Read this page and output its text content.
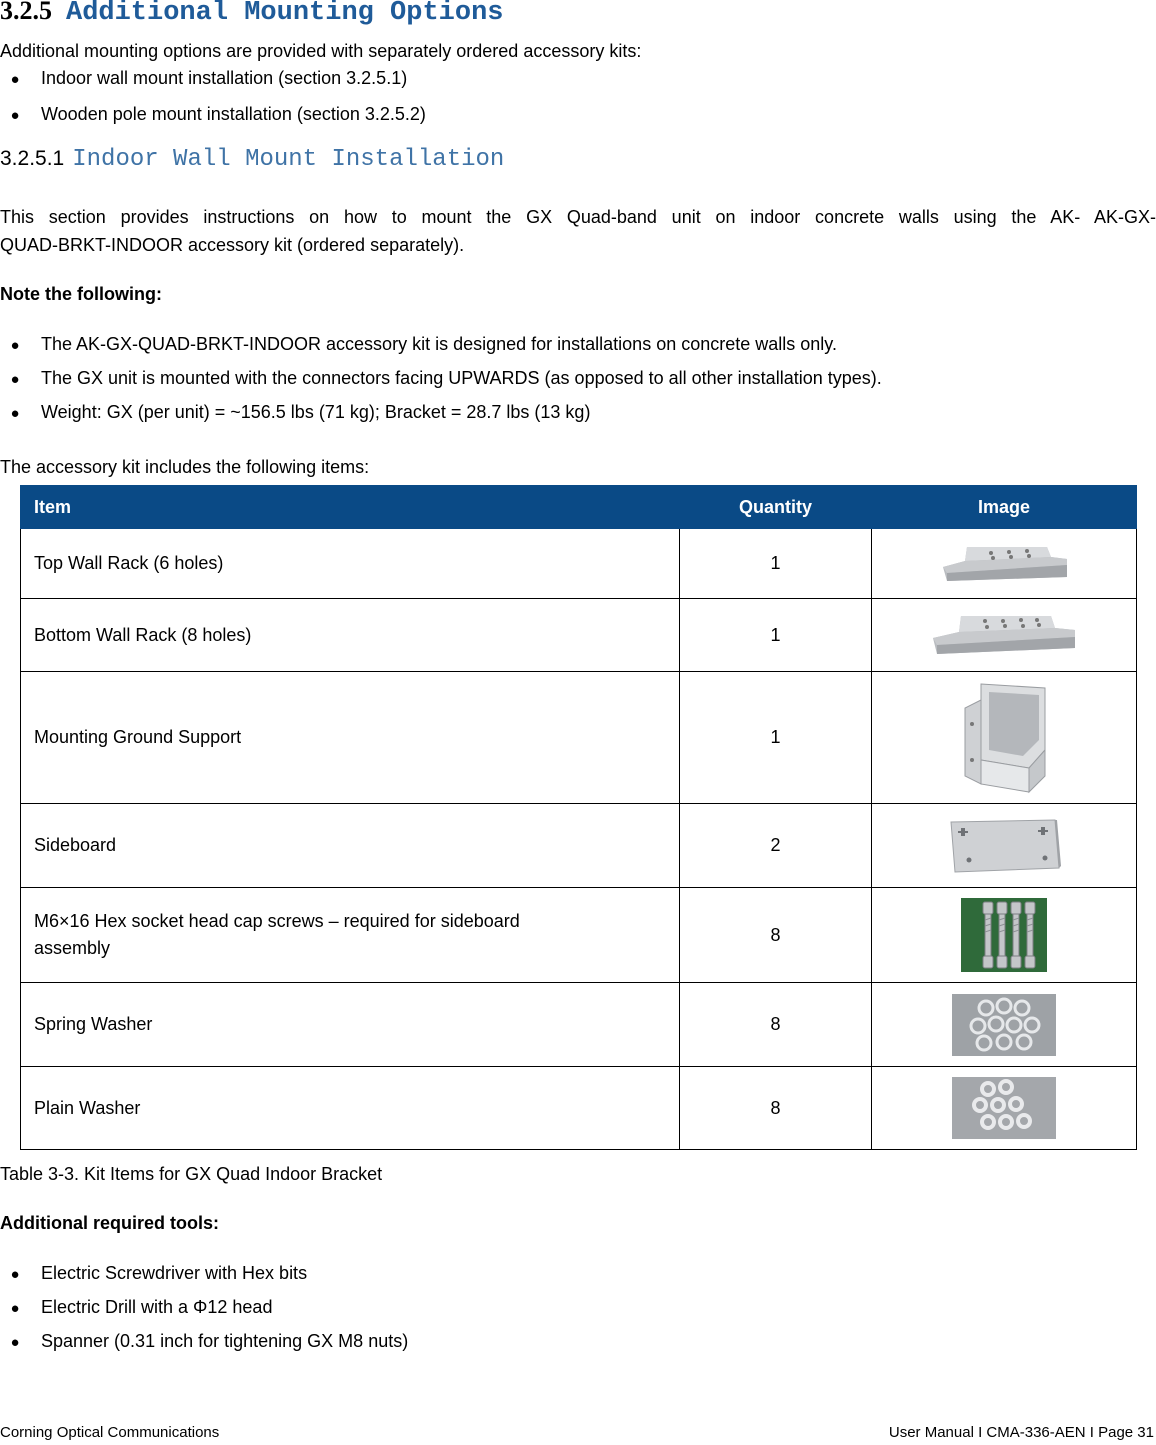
3.2.5 Additional Mounting Options
Additional mounting options are provided with separately ordered accessory kits:
●	Indoor wall mount installation (section 3.2.5.1)
●	Wooden pole mount installation (section 3.2.5.2)
3.2.5.1 Indoor Wall Mount Installation
This section provides instructions on how to mount the GX Quad-band unit on indoor concrete walls using the AK- AK-GX-
QUAD-BRKT-INDOOR accessory kit (ordered separately).
Note the following:
●	The AK-GX-QUAD-BRKT-INDOOR accessory kit is designed for installations on concrete walls only.
●	The GX unit is mounted with the connectors facing UPWARDS (as opposed to all other installation types).
●	Weight: GX (per unit) = ~156.5 lbs (71 kg); Bracket = 28.7 lbs (13 kg)
The accessory kit includes the following items:
Item	Quantity	Image
Top Wall Rack (6 holes)	1	
Bottom Wall Rack (8 holes)	1	
Mounting Ground Support	1	
Sideboard	2	

M6×16 Hex socket head cap screws – required for sideboard
assembly	8	
Spring Washer	8	
Plain Washer	8	
Table 3-3. Kit Items for GX Quad Indoor Bracket
Additional required tools:
●	Electric Screwdriver with Hex bits
●	Electric Drill with a Φ12 head
●	Spanner (0.31 inch for tightening GX M8 nuts)
Corning Optical Communications	User Manual I CMA-336-AEN I Page 31
